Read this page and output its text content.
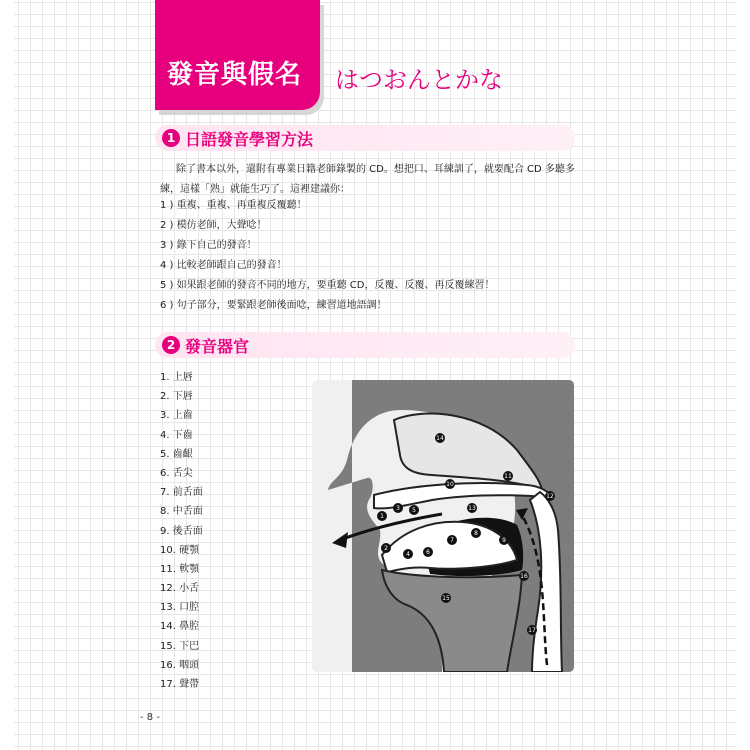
發音與假名 はつおんとかな
1 日語發音學習方法
除了書本以外，還附有專業日籍老師錄製的 CD。想把口、耳練訓了，就要配合 CD 多聽多
練，這樣「熟」就能生巧了。這裡建議你：
1 ) 重複、重複、再重複反覆聽！
2 ) 模仿老師，大聲唸！
3 ) 錄下自己的發音！
4 ) 比較老師跟自己的發音！
5 ) 如果跟老師的發音不同的地方，要重聽 CD，反覆、反覆、再反覆練習！
6 ) 句子部分，要緊跟老師後面唸，練習道地語調！
2 發音器官
1. 上唇
2. 下唇
3. 上齒
4. 下齒
5. 齒齦
6. 舌尖
7. 前舌面
8. 中舌面
9. 後舌面
10. 硬顎
11. 軟顎
12. 小舌
13. 口腔
14. 鼻腔
15. 下巴
16. 咽頭
17. 聲帶
1
2
3
4
5
6
7
8
9
10
11
12
13
14
15
16
17
- 8 -
